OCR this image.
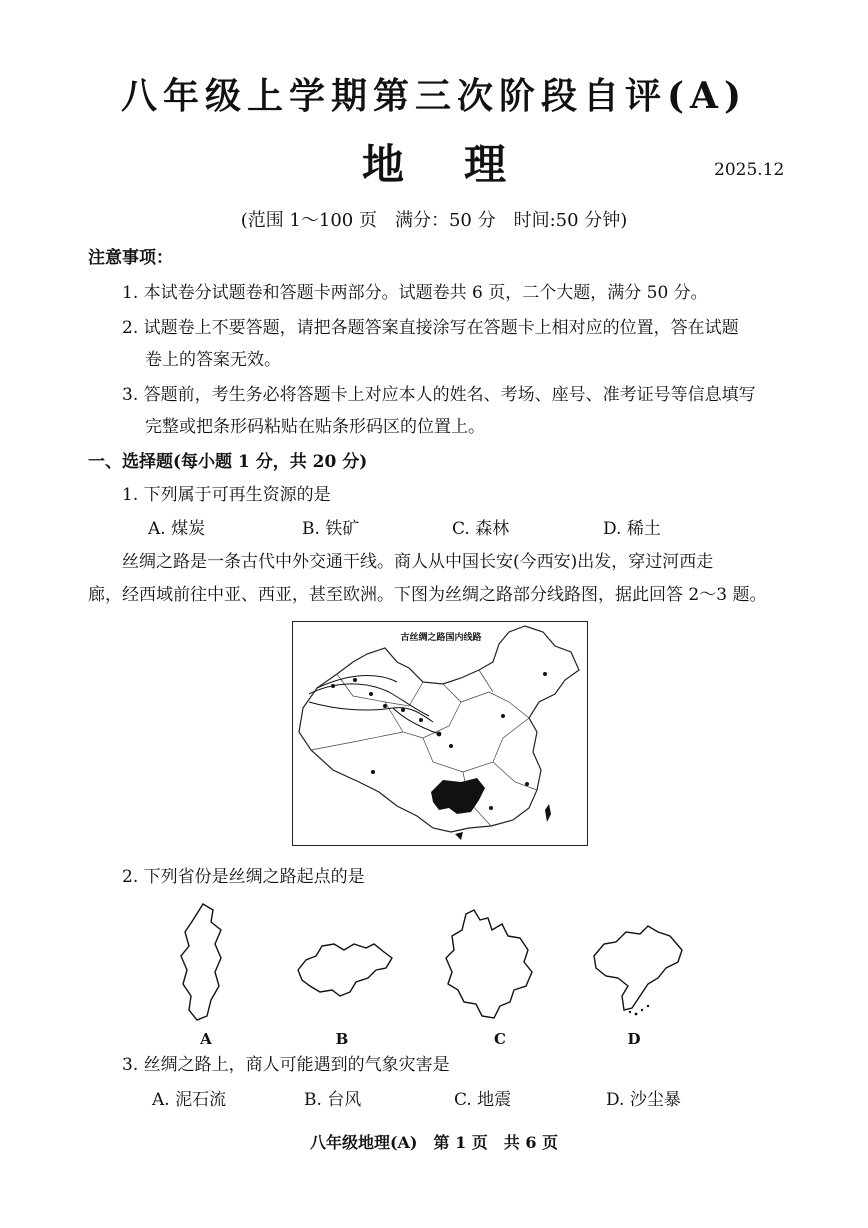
八年级上学期第三次阶段自评(A)
地理	2025.12
(范围 1～100 页　满分：50 分　时间:50 分钟)
注意事项：
1. 本试卷分试题卷和答题卡两部分。试题卷共 6 页，二个大题，满分 50 分。
2. 试题卷上不要答题，请把各题答案直接涂写在答题卡上相对应的位置，答在试题
卷上的答案无效。
3. 答题前，考生务必将答题卡上对应本人的姓名、考场、座号、准考证号等信息填写
完整或把条形码粘贴在贴条形码区的位置上。
一、选择题(每小题 1 分，共 20 分)
1. 下列属于可再生资源的是
A. 煤炭	B. 铁矿	C. 森林	D. 稀土
丝绸之路是一条古代中外交通干线。商人从中国长安(今西安)出发，穿过河西走
廊，经西域前往中亚、西亚，甚至欧洲。下图为丝绸之路部分线路图，据此回答 2～3 题。
古丝绸之路国内线路
2. 下列省份是丝绸之路起点的是
A	B	C	D
3. 丝绸之路上，商人可能遇到的气象灾害是
A. 泥石流	B. 台风	C. 地震	D. 沙尘暴
八年级地理(A)　第 1 页　共 6 页
